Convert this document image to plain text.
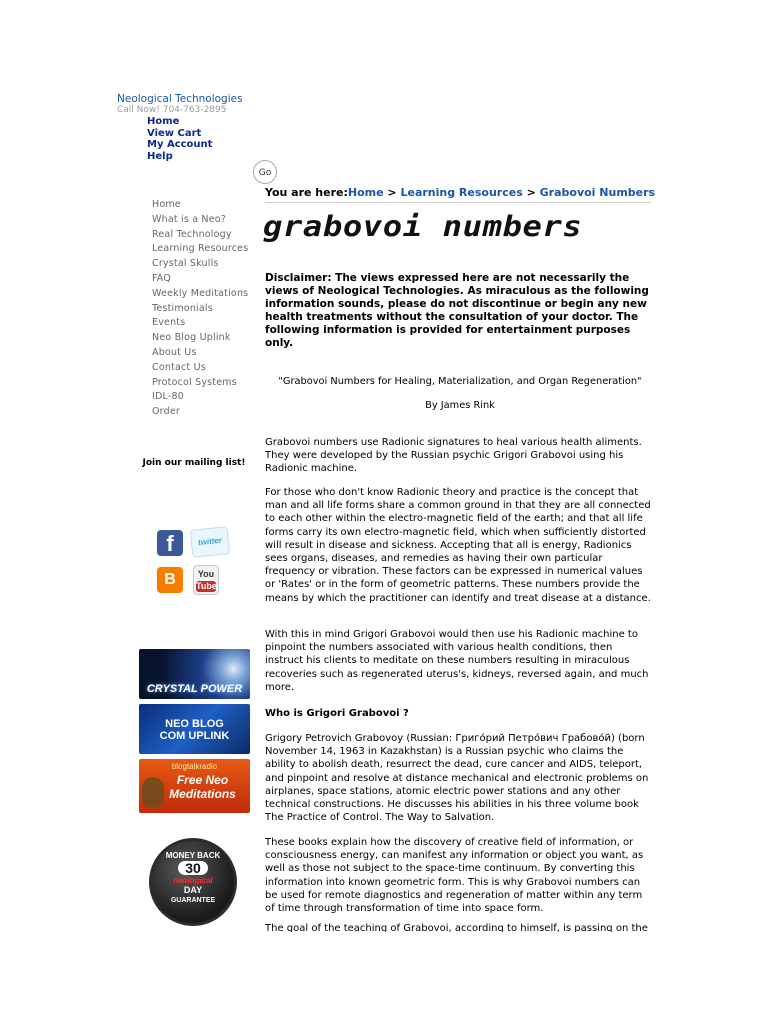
Neological Technologies
Call Now! 704-763-2895
Home
View Cart
My Account
Help
Go
You are here:Home > Learning Resources > Grabovoi Numbers
Home
What is a Neo?
Real Technology
Learning Resources
Crystal Skulls
FAQ
Weekly Meditations
Testimonials
Events
Neo Blog Uplink
About Us
Contact Us
Protocol Systems
IDL-80
Order
Join our mailing list!
f	twitter
B	You
Tube
CRYSTAL POWER
NEO BLOG
COM UPLINK
blogtalkradio
Free Neo
Meditations
MONEY BACK
30
neological
DAY
GUARANTEE
grabovoi numbers

Disclaimer: The views expressed here are not necessarily the views of Neological Technologies. As miraculous as the following information sounds, please do not discontinue or begin any new health treatments without the consultation of your doctor. The following information is provided for entertainment purposes only.

"Grabovoi Numbers for Healing, Materialization, and Organ Regeneration"

By James Rink

Grabovoi numbers use Radionic signatures to heal various health aliments. They were developed by the Russian psychic Grigori Grabovoi using his Radionic machine.

For those who don't know Radionic theory and practice is the concept that man and all life forms share a common ground in that they are all connected to each other within the electro-magnetic field of the earth; and that all life forms carry its own electro-magnetic field, which when sufficiently distorted will result in disease and sickness. Accepting that all is energy, Radionics sees organs, diseases, and remedies as having their own particular frequency or vibration. These factors can be expressed in numerical values or 'Rates' or in the form of geometric patterns. These numbers provide the means by which the practitioner can identify and treat disease at a distance.

With this in mind Grigori Grabovoi would then use his Radionic machine to pinpoint the numbers associated with various health conditions, then instruct his clients to meditate on these numbers resulting in miraculous recoveries such as regenerated uterus's, kidneys, reversed again, and much more.

Who is Grigori Grabovoi ?

Grigory Petrovich Grabovoy (Russian: Григо́рий Петро́вич Грабово́й) (born November 14, 1963 in Kazakhstan) is a Russian psychic who claims the ability to abolish death, resurrect the dead, cure cancer and AIDS, teleport, and pinpoint and resolve at distance mechanical and electronic problems on airplanes, space stations, atomic electric power stations and any other technical constructions. He discusses his abilities in his three volume book The Practice of Control. The Way to Salvation.

These books explain how the discovery of creative field of information, or consciousness energy, can manifest any information or object you want, as well as those not subject to the space-time continuum. By converting this information into known geometric form. This is why Grabovoi numbers can be used for remote diagnostics and regeneration of matter within any term of time through transformation of time into space form.

The goal of the teaching of Grabovoi, according to himself, is passing on the
